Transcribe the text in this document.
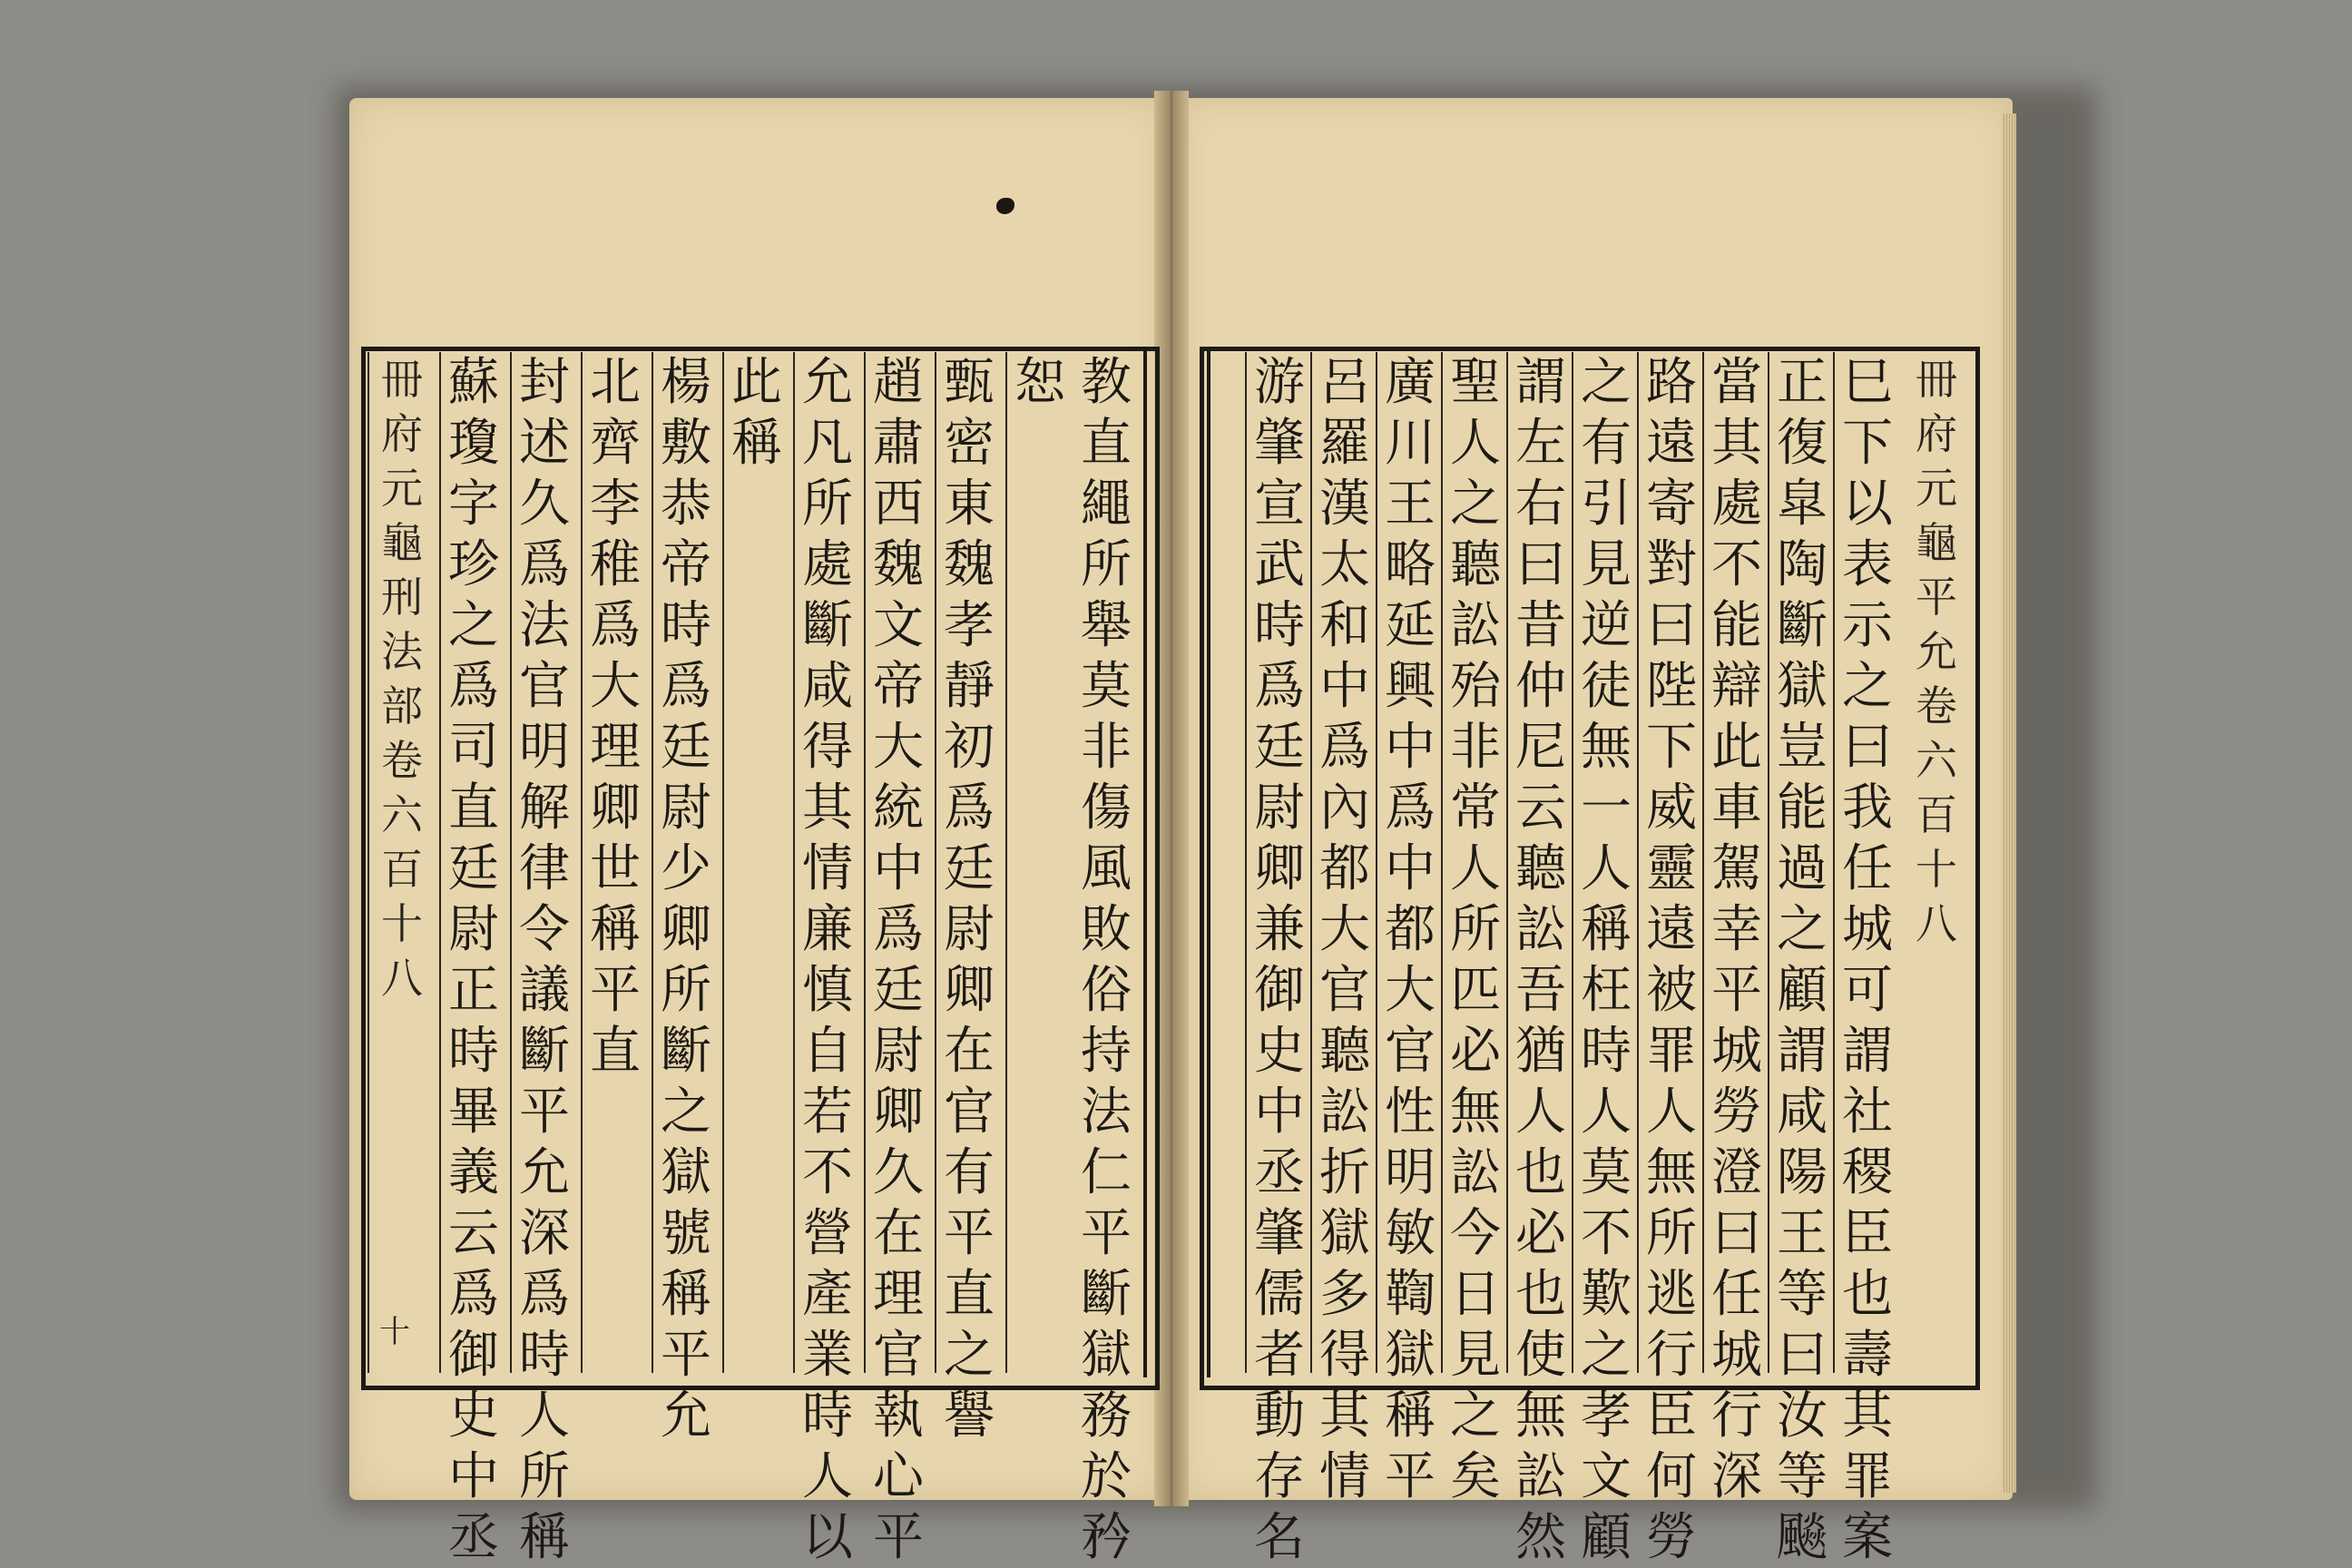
教直繩所舉莫非傷風敗俗持法仁平斷獄務於矜
恕
甄密東魏孝靜初爲廷尉卿在官有平直之譽
趙肅西魏文帝大統中爲廷尉卿久在理官執心平
允凡所處斷咸得其情廉慎自若不營產業時人以
此稱
楊敷恭帝時爲廷尉少卿所斷之獄號稱平允
北齊李稚爲大理卿世稱平直
封述久爲法官明解律令議斷平允深爲時人所稱
蘇瓊字珍之爲司直廷尉正時畢義云爲御史中丞
冊府元龜 刑法部 卷六百十八
十
冊府元龜 平允 卷六百十八
巳下以表示之曰我任城可謂社稷臣也壽其罪案
正復皐陶斷獄豈能過之顧謂咸陽王等曰汝等飈
當其處不能辯此車駕幸平城勞澄曰任城行深
路遠寄對曰陛下威靈遠被罪人無所逃行臣何勞
之有引見逆徒無一人稱枉時人莫不歎之孝文顧
謂左右曰昔仲尼云聽訟吾猶人也必也使無訟然
聖人之聽訟殆非常人所匹必無訟今日見之矣
廣川王略延興中爲中都大官性明敏鞫獄稱平
呂羅漢太和中爲內都大官聽訟折獄多得其情
游肇宣武時爲廷尉卿兼御史中丞肇儒者動存名
